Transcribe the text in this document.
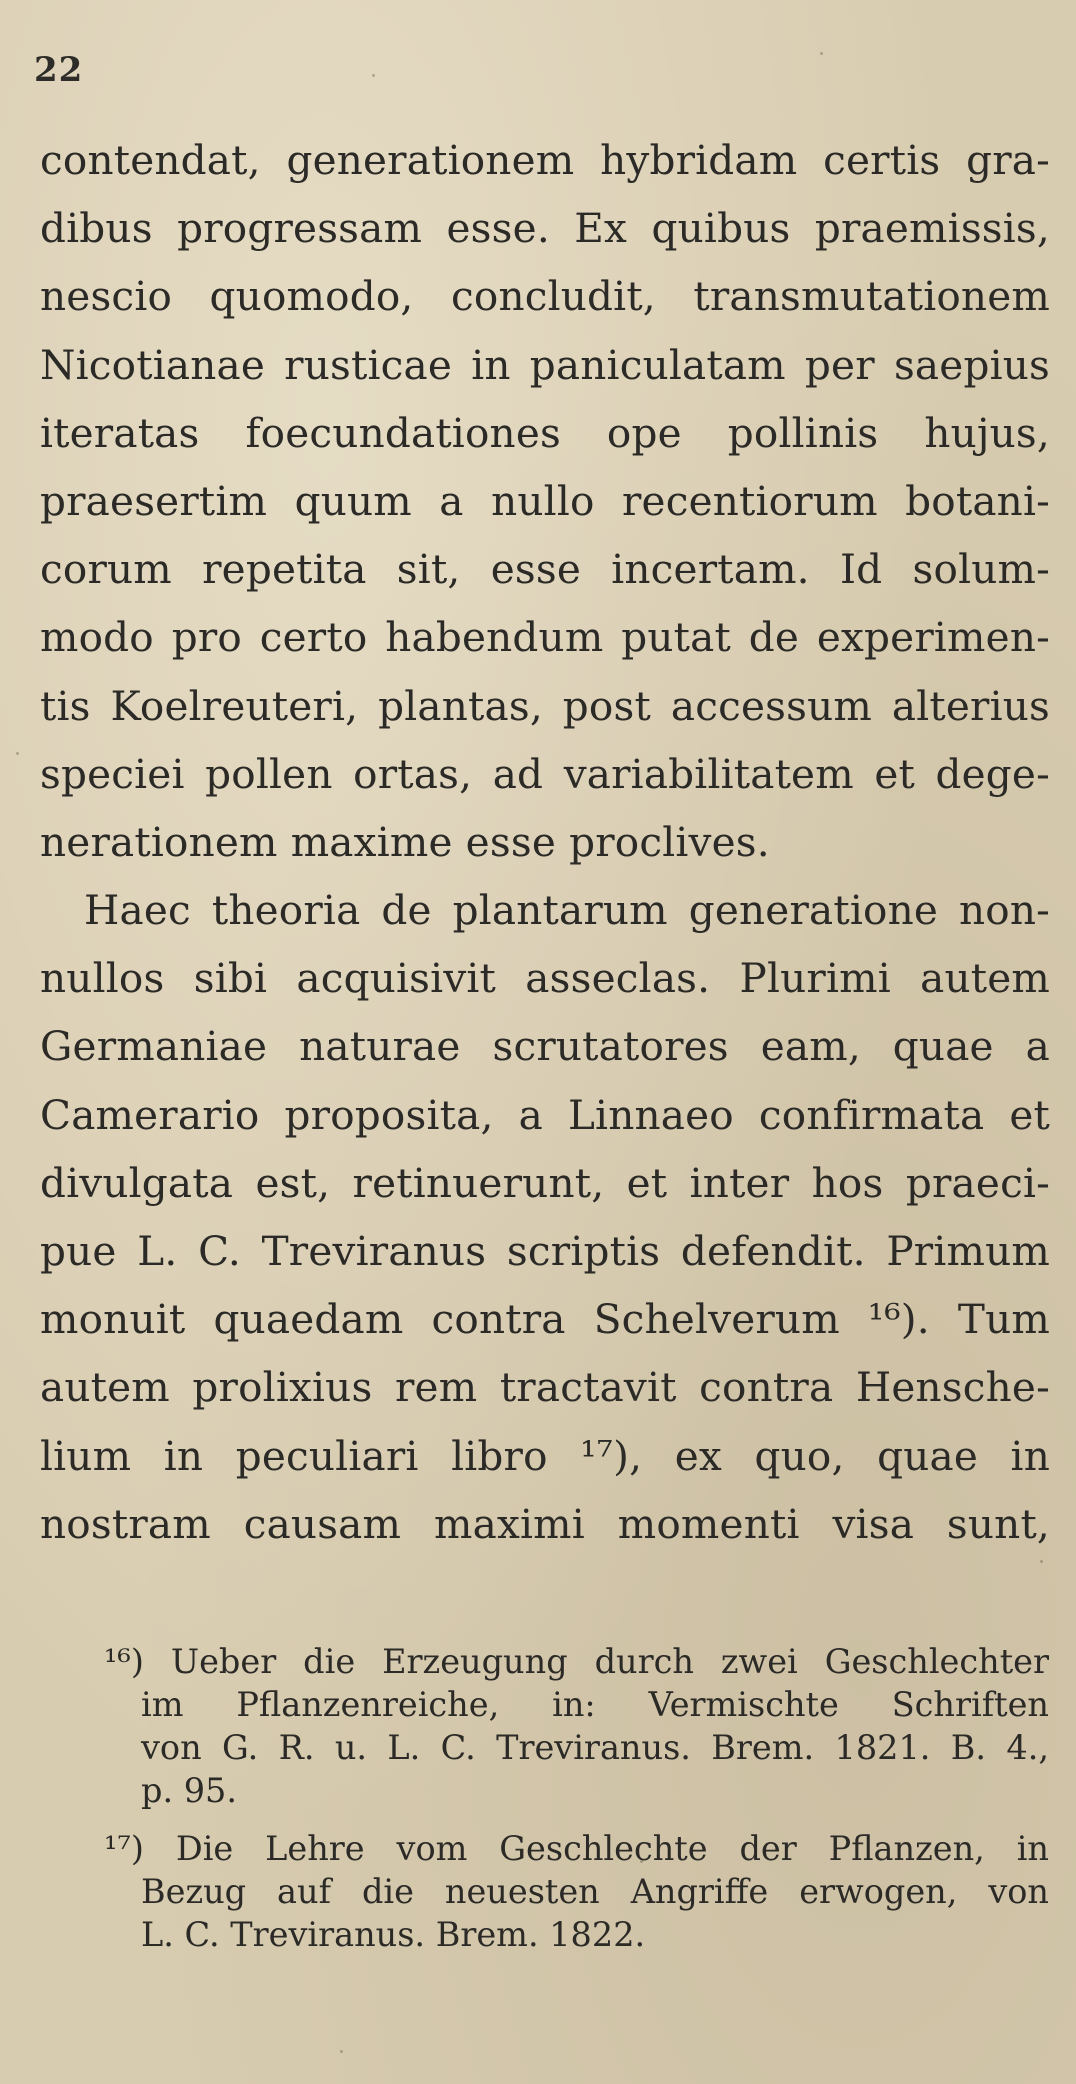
22
contendat, generationem hybridam certis gra-
dibus progressam esse. Ex quibus praemissis,
nescio quomodo, concludit, transmutationem
Nicotianae rusticae in paniculatam per saepius
iteratas foecundationes ope pollinis hujus,
praesertim quum a nullo recentiorum botani-
corum repetita sit, esse incertam. Id solum-
modo pro certo habendum putat de experimen-
tis Koelreuteri, plantas, post accessum alterius
speciei pollen ortas, ad variabilitatem et dege-
nerationem maxime esse proclives.
Haec theoria de plantarum generatione non-
nullos sibi acquisivit asseclas. Plurimi autem
Germaniae naturae scrutatores eam, quae a
Camerario proposita, a Linnaeo confirmata et
divulgata est, retinuerunt, et inter hos praeci-
pue L. C. Treviranus scriptis defendit. Primum
monuit quaedam contra Schelverum ¹⁶). Tum
autem prolixius rem tractavit contra Hensche-
lium in peculiari libro ¹⁷), ex quo, quae in
nostram causam maximi momenti visa sunt,
¹⁶) Ueber die Erzeugung durch zwei Geschlechter
im Pflanzenreiche, in: Vermischte Schriften
von G. R. u. L. C. Treviranus. Brem. 1821. B. 4.,
p. 95.
¹⁷) Die Lehre vom Geschlechte der Pflanzen, in
Bezug auf die neuesten Angriffe erwogen, von
L. C. Treviranus. Brem. 1822.
